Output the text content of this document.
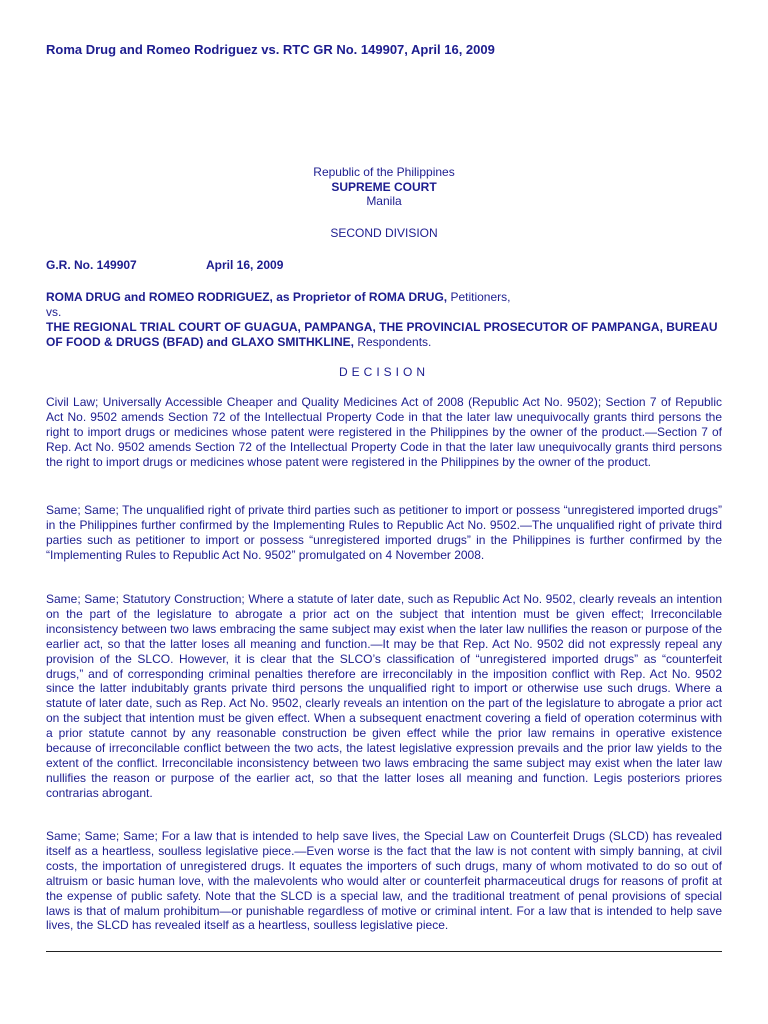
Roma Drug and Romeo Rodriguez vs. RTC GR No. 149907, April 16, 2009
Republic of the Philippines
SUPREME COURT
Manila
SECOND DIVISION
G.R. No. 149907	April 16, 2009
ROMA DRUG and ROMEO RODRIGUEZ, as Proprietor of ROMA DRUG, Petitioners,
vs.
THE REGIONAL TRIAL COURT OF GUAGUA, PAMPANGA, THE PROVINCIAL PROSECUTOR OF PAMPANGA, BUREAU OF FOOD & DRUGS (BFAD) and GLAXO SMITHKLINE, Respondents.
DECISION

Civil Law; Universally Accessible Cheaper and Quality Medicines Act of 2008 (Republic Act No. 9502); Section 7 of Republic Act No. 9502 amends Section 72 of the Intellectual Property Code in that the later law unequivocally grants third persons the right to import drugs or medicines whose patent were registered in the Philippines by the owner of the product.—Section 7 of Rep. Act No. 9502 amends Section 72 of the Intellectual Property Code in that the later law unequivocally grants third persons the right to import drugs or medicines whose patent were registered in the Philippines by the owner of the product.

Same; Same; The unqualified right of private third parties such as petitioner to import or possess “unregistered imported drugs” in the Philippines further confirmed by the Implementing Rules to Republic Act No. 9502.—The unqualified right of private third parties such as petitioner to import or possess “unregistered imported drugs” in the Philippines is further confirmed by the “Implementing Rules to Republic Act No. 9502” promulgated on 4 November 2008.

Same; Same; Statutory Construction; Where a statute of later date, such as Republic Act No. 9502, clearly reveals an intention on the part of the legislature to abrogate a prior act on the subject that intention must be given effect; Irreconcilable inconsistency between two laws embracing the same subject may exist when the later law nullifies the reason or purpose of the earlier act, so that the latter loses all meaning and function.—It may be that Rep. Act No. 9502 did not expressly repeal any provision of the SLCO. However, it is clear that the SLCO’s classification of “unregistered imported drugs” as “counterfeit drugs,” and of corresponding criminal penalties therefore are irreconcilably in the imposition conflict with Rep. Act No. 9502 since the latter indubitably grants private third persons the unqualified right to import or otherwise use such drugs. Where a statute of later date, such as Rep. Act No. 9502, clearly reveals an intention on the part of the legislature to abrogate a prior act on the subject that intention must be given effect. When a subsequent enactment covering a field of operation coterminus with a prior statute cannot by any reasonable construction be given effect while the prior law remains in operative existence because of irreconcilable conflict between the two acts, the latest legislative expression prevails and the prior law yields to the extent of the conflict. Irreconcilable inconsistency between two laws embracing the same subject may exist when the later law nullifies the reason or purpose of the earlier act, so that the latter loses all meaning and function. Legis posteriors priores contrarias abrogant.

Same; Same; Same; For a law that is intended to help save lives, the Special Law on Counterfeit Drugs (SLCD) has revealed itself as a heartless, soulless legislative piece.—Even worse is the fact that the law is not content with simply banning, at civil costs, the importation of unregistered drugs. It equates the importers of such drugs, many of whom motivated to do so out of altruism or basic human love, with the malevolents who would alter or counterfeit pharmaceutical drugs for reasons of profit at the expense of public safety. Note that the SLCD is a special law, and the traditional treatment of penal provisions of special laws is that of malum prohibitum—or punishable regardless of motive or criminal intent. For a law that is intended to help save lives, the SLCD has revealed itself as a heartless, soulless legislative piece.
